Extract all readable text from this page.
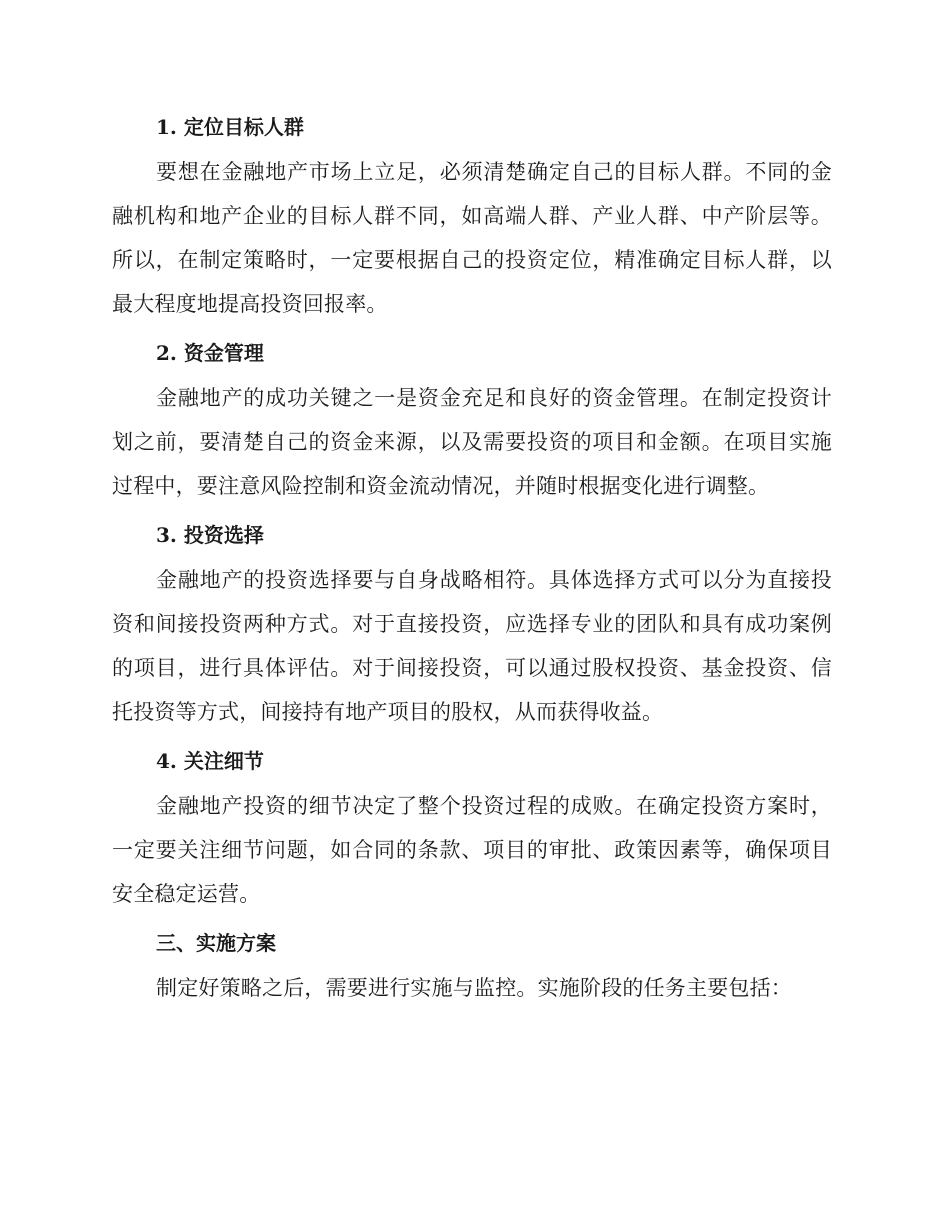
1. 定位目标人群

要想在金融地产市场上立足，必须清楚确定自己的目标人群。不同的金融机构和地产企业的目标人群不同，如高端人群、产业人群、中产阶层等。所以，在制定策略时，一定要根据自己的投资定位，精准确定目标人群，以最大程度地提高投资回报率。

2. 资金管理

金融地产的成功关键之一是资金充足和良好的资金管理。在制定投资计划之前，要清楚自己的资金来源，以及需要投资的项目和金额。在项目实施过程中，要注意风险控制和资金流动情况，并随时根据变化进行调整。

3. 投资选择

金融地产的投资选择要与自身战略相符。具体选择方式可以分为直接投资和间接投资两种方式。对于直接投资，应选择专业的团队和具有成功案例的项目，进行具体评估。对于间接投资，可以通过股权投资、基金投资、信托投资等方式，间接持有地产项目的股权，从而获得收益。

4. 关注细节

金融地产投资的细节决定了整个投资过程的成败。在确定投资方案时，一定要关注细节问题，如合同的条款、项目的审批、政策因素等，确保项目安全稳定运营。

三、实施方案

制定好策略之后，需要进行实施与监控。实施阶段的任务主要包括：
